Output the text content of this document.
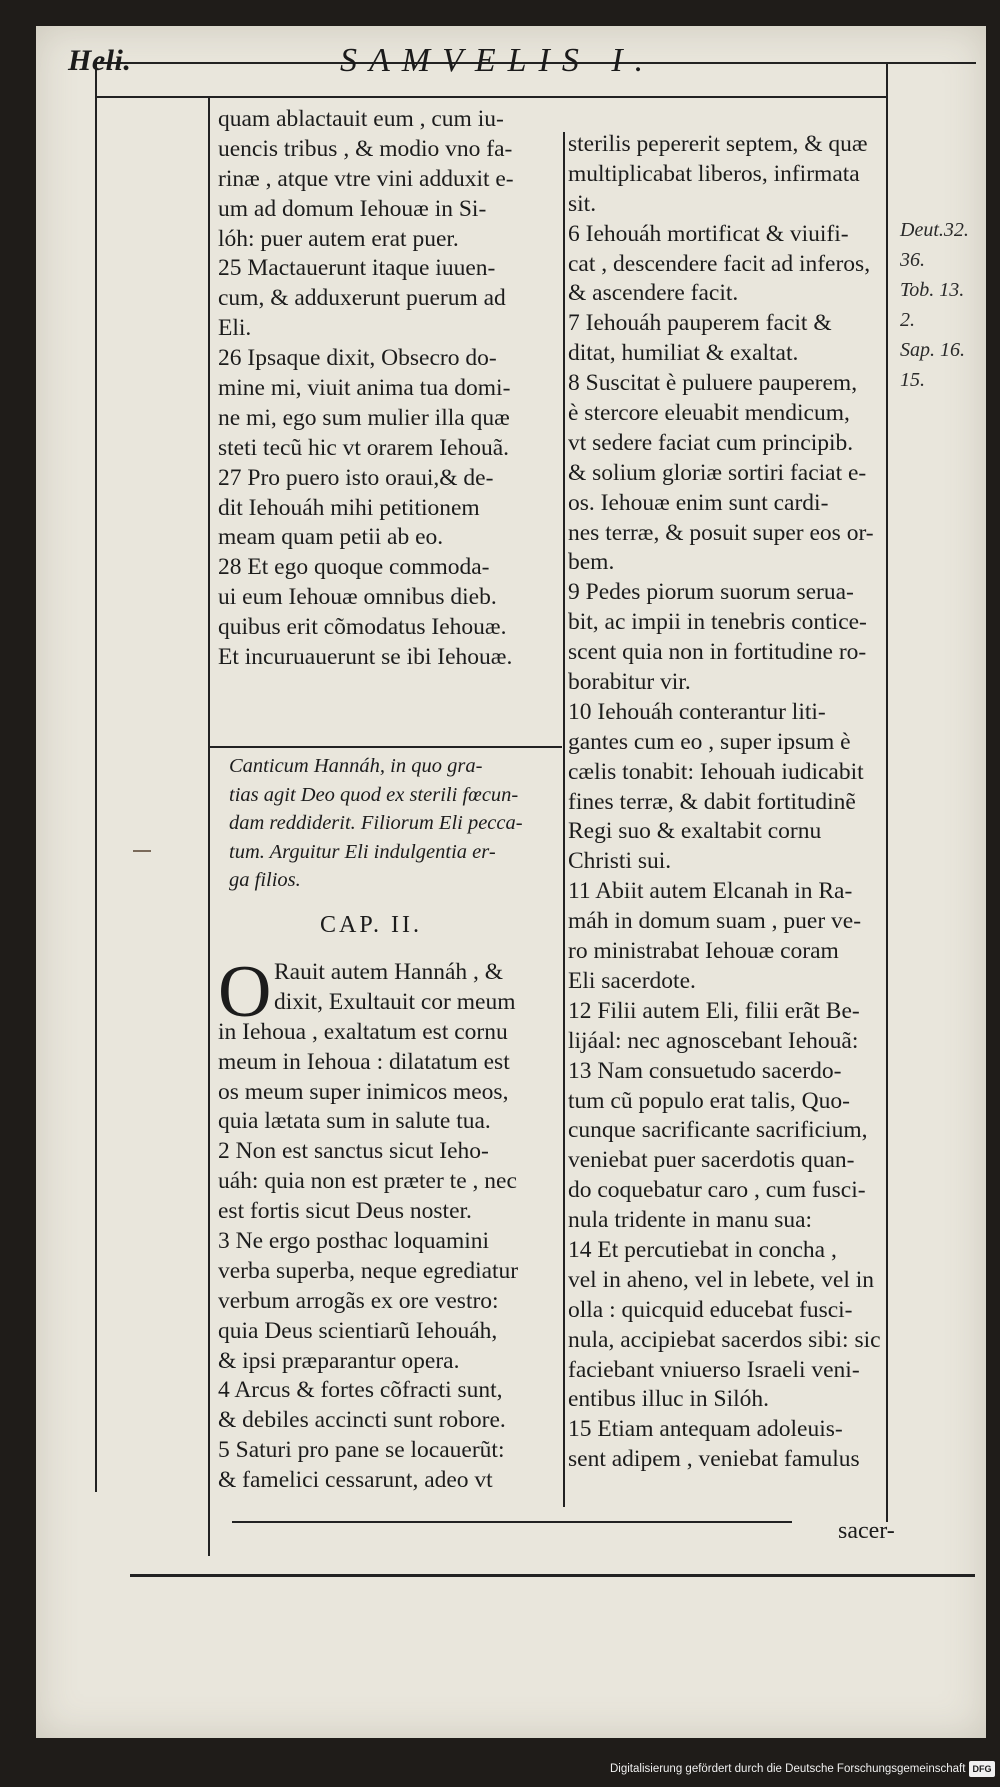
Heli.	SAMVELIS I.
quam ablactauit eum , cum iu-
uencis tribus , & modio vno fa-
rinæ , atque vtre vini adduxit e-
um ad domum Iehouæ in Si-
lóh: puer autem erat puer.
25 Mactauerunt itaque iuuen-
cum, & adduxerunt puerum ad
Eli.
26 Ipsaque dixit, Obsecro do-
mine mi, viuit anima tua domi-
ne mi, ego sum mulier illa quæ
steti tecũ hic vt orarem Iehouã.
27 Pro puero isto oraui,& de-
dit Iehouáh mihi petitionem
meam quam petii ab eo.
28 Et ego quoque commoda-
ui eum Iehouæ omnibus dieb.
quibus erit cõmodatus Iehouæ.
Et incuruauerunt se ibi Iehouæ.
Canticum Hannáh, in quo gra-
tias agit Deo quod ex sterili fœcun-
dam reddiderit. Filiorum Eli pecca-
tum. Arguitur Eli indulgentia er-
ga filios.
CAP. II.
O Rauit autem Hannáh , &
dixit, Exultauit cor meum
in Iehoua , exaltatum est cornu
meum in Iehoua : dilatatum est
os meum super inimicos meos,
quia lætata sum in salute tua.
2 Non est sanctus sicut Ieho-
uáh: quia non est præter te , nec
est fortis sicut Deus noster.
3 Ne ergo posthac loquamini
verba superba, neque egrediatur
verbum arrogãs ex ore vestro:
quia Deus scientiarũ Iehouáh,
& ipsi præparantur opera.
4 Arcus & fortes cõfracti sunt,
& debiles accincti sunt robore.
5 Saturi pro pane se locauerũt:
& famelici cessarunt, adeo vt
sterilis pepererit septem, & quæ
multiplicabat liberos, infirmata
sit.
6 Iehouáh mortificat & viuifi-
cat , descendere facit ad inferos,
& ascendere facit.
7 Iehouáh pauperem facit &
ditat, humiliat & exaltat.
8 Suscitat è puluere pauperem,
è stercore eleuabit mendicum,
vt sedere faciat cum principib.
& solium gloriæ sortiri faciat e-
os. Iehouæ enim sunt cardi-
nes terræ, & posuit super eos or-
bem.
9 Pedes piorum suorum serua-
bit, ac impii in tenebris contice-
scent quia non in fortitudine ro-
borabitur vir.
10 Iehouáh conterantur liti-
gantes cum eo , super ipsum è
cælis tonabit: Iehouah iudicabit
fines terræ, & dabit fortitudinẽ
Regi suo & exaltabit cornu
Christi sui.
11 Abiit autem Elcanah in Ra-
máh in domum suam , puer ve-
ro ministrabat Iehouæ coram
Eli sacerdote.
12 Filii autem Eli, filii erãt Be-
lijáal: nec agnoscebant Iehouã:
13 Nam consuetudo sacerdo-
tum cũ populo erat talis, Quo-
cunque sacrificante sacrificium,
veniebat puer sacerdotis quan-
do coquebatur caro , cum fusci-
nula tridente in manu sua:
14 Et percutiebat in concha ,
vel in aheno, vel in lebete, vel in
olla : quicquid educebat fusci-
nula, accipiebat sacerdos sibi: sic
faciebant vniuerso Israeli veni-
entibus illuc in Silóh.
15 Etiam antequam adoleuis-
sent adipem , veniebat famulus
Deut.32.
36.
Tob. 13.
2.
Sap. 16.
15.
sacer-
Digitalisierung gefördert durch die Deutsche Forschungsgemeinschaft DFG
